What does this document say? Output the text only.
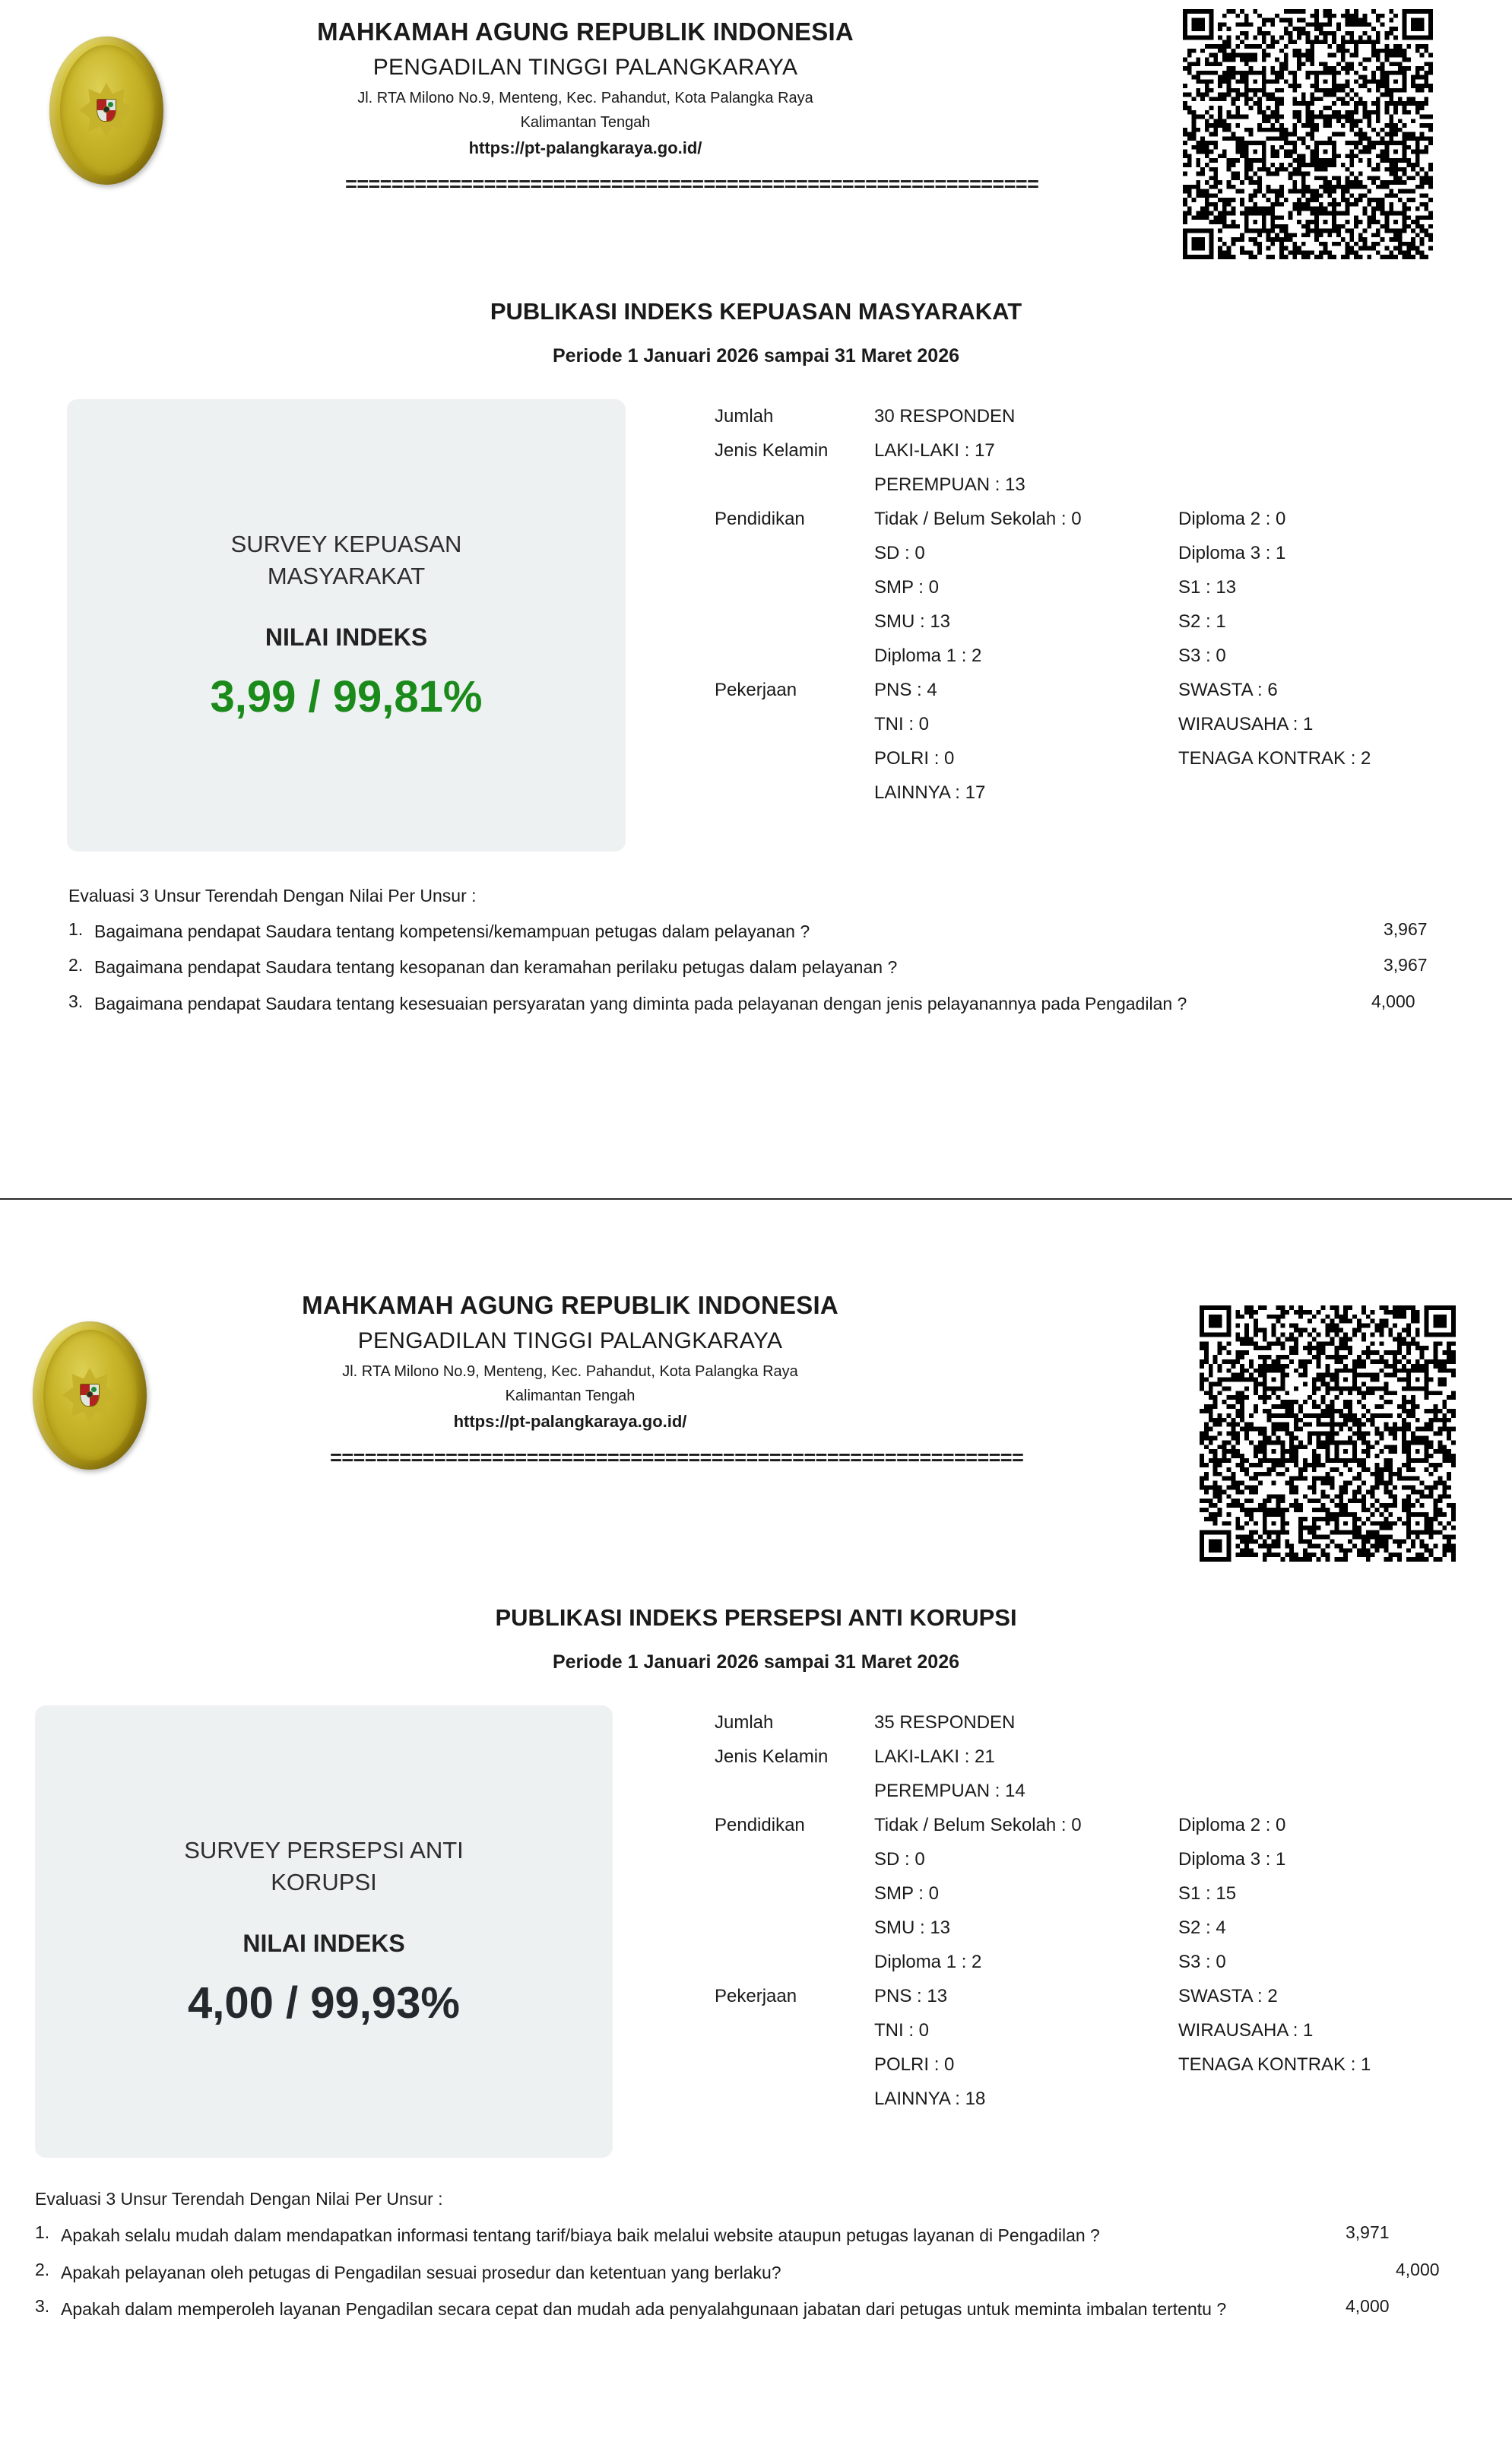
MAHKAMAH AGUNG REPUBLIK INDONESIA
PENGADILAN TINGGI PALANGKARAYA
Jl. RTA Milono No.9, Menteng, Kec. Pahandut, Kota Palangka Raya
Kalimantan Tengah
https://pt-palangkaraya.go.id/
============================================================
PUBLIKASI INDEKS KEPUASAN MASYARAKAT
Periode 1 Januari 2026 sampai 31 Maret 2026
SURVEY KEPUASAN
MASYARAKAT
NILAI INDEKS
3,99 / 99,81%
Jumlah	30 RESPONDEN
Jenis Kelamin	LAKI-LAKI : 17
PEREMPUAN : 13
Pendidikan	Tidak / Belum Sekolah : 0	Diploma 2 : 0
SD : 0	Diploma 3 : 1
SMP : 0	S1 : 13
SMU : 13	S2 : 1
Diploma 1 : 2	S3 : 0
Pekerjaan	PNS : 4	SWASTA : 6
TNI : 0	WIRAUSAHA : 1
POLRI : 0	TENAGA KONTRAK : 2
LAINNYA : 17
Evaluasi 3 Unsur Terendah Dengan Nilai Per Unsur :
1. Bagaimana pendapat Saudara tentang kompetensi/kemampuan petugas dalam pelayanan ?	3,967
2. Bagaimana pendapat Saudara tentang kesopanan dan keramahan perilaku petugas dalam pelayanan ?	3,967
3. Bagaimana pendapat Saudara tentang kesesuaian persyaratan yang diminta pada pelayanan dengan jenis pelayanannya pada Pengadilan ?	4,000
MAHKAMAH AGUNG REPUBLIK INDONESIA
PENGADILAN TINGGI PALANGKARAYA
Jl. RTA Milono No.9, Menteng, Kec. Pahandut, Kota Palangka Raya
Kalimantan Tengah
https://pt-palangkaraya.go.id/
============================================================
PUBLIKASI INDEKS PERSEPSI ANTI KORUPSI
Periode 1 Januari 2026 sampai 31 Maret 2026
SURVEY PERSEPSI ANTI
KORUPSI
NILAI INDEKS
4,00 / 99,93%
Jumlah	35 RESPONDEN
Jenis Kelamin	LAKI-LAKI : 21
PEREMPUAN : 14
Pendidikan	Tidak / Belum Sekolah : 0	Diploma 2 : 0
SD : 0	Diploma 3 : 1
SMP : 0	S1 : 15
SMU : 13	S2 : 4
Diploma 1 : 2	S3 : 0
Pekerjaan	PNS : 13	SWASTA : 2
TNI : 0	WIRAUSAHA : 1
POLRI : 0	TENAGA KONTRAK : 1
LAINNYA : 18
Evaluasi 3 Unsur Terendah Dengan Nilai Per Unsur :
1. Apakah selalu mudah dalam mendapatkan informasi tentang tarif/biaya baik melalui website ataupun petugas layanan di Pengadilan ?	3,971
2. Apakah pelayanan oleh petugas di Pengadilan sesuai prosedur dan ketentuan yang berlaku?	4,000
3. Apakah dalam memperoleh layanan Pengadilan secara cepat dan mudah ada penyalahgunaan jabatan dari petugas untuk meminta imbalan tertentu ?	4,000
